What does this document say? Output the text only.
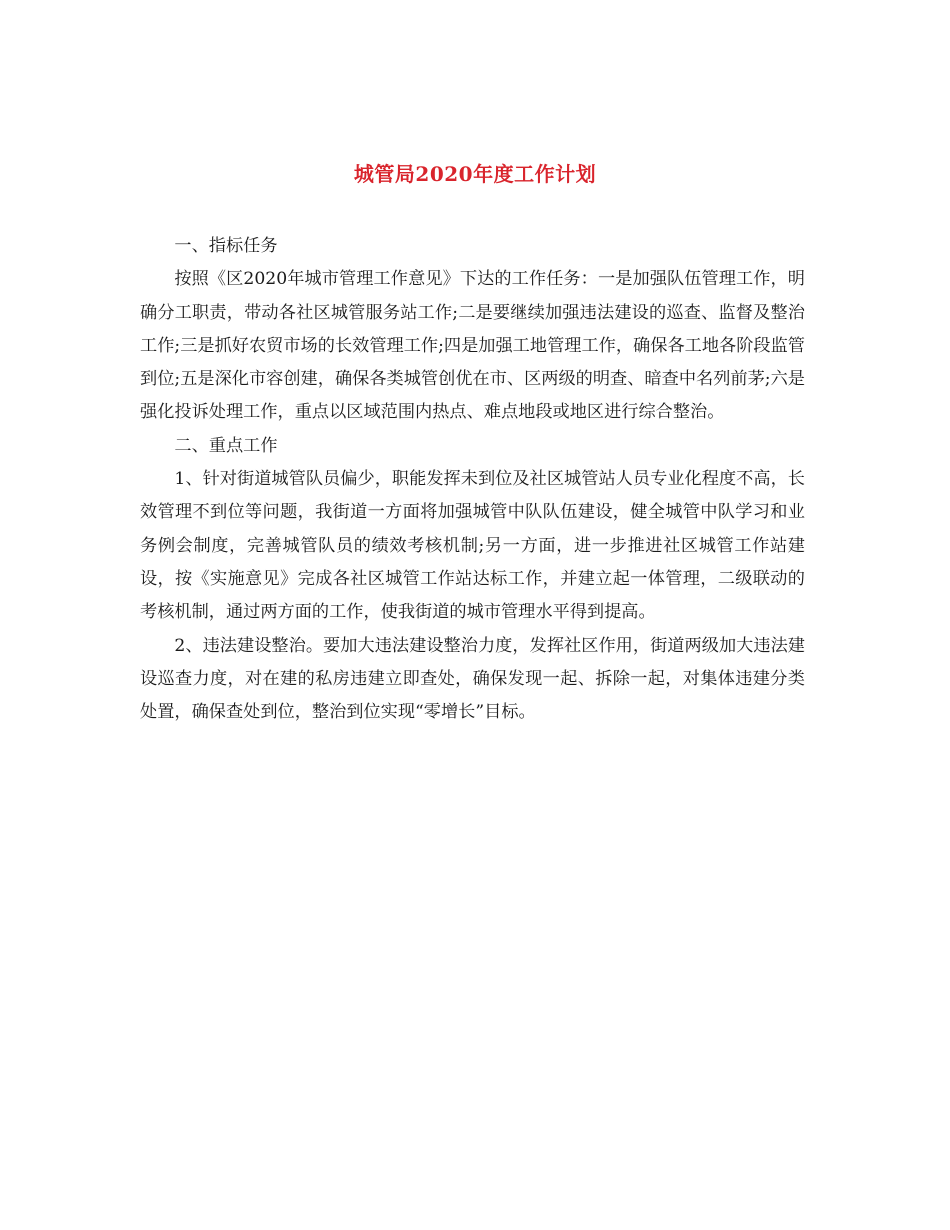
城管局2020年度工作计划

一、指标任务

按照《区2020年城市管理工作意见》下达的工作任务：一是加强队伍管理工作，明确分工职责，带动各社区城管服务站工作;二是要继续加强违法建设的巡查、监督及整治工作;三是抓好农贸市场的长效管理工作;四是加强工地管理工作，确保各工地各阶段监管到位;五是深化市容创建，确保各类城管创优在市、区两级的明查、暗查中名列前茅;六是强化投诉处理工作，重点以区域范围内热点、难点地段或地区进行综合整治。

二、重点工作

1、针对街道城管队员偏少，职能发挥未到位及社区城管站人员专业化程度不高，长效管理不到位等问题，我街道一方面将加强城管中队队伍建设，健全城管中队学习和业务例会制度，完善城管队员的绩效考核机制;另一方面，进一步推进社区城管工作站建设，按《实施意见》完成各社区城管工作站达标工作，并建立起一体管理，二级联动的考核机制，通过两方面的工作，使我街道的城市管理水平得到提高。

2、违法建设整治。要加大违法建设整治力度，发挥社区作用，街道两级加大违法建设巡查力度，对在建的私房违建立即查处，确保发现一起、拆除一起，对集体违建分类处置，确保查处到位，整治到位实现“零增长”目标。
